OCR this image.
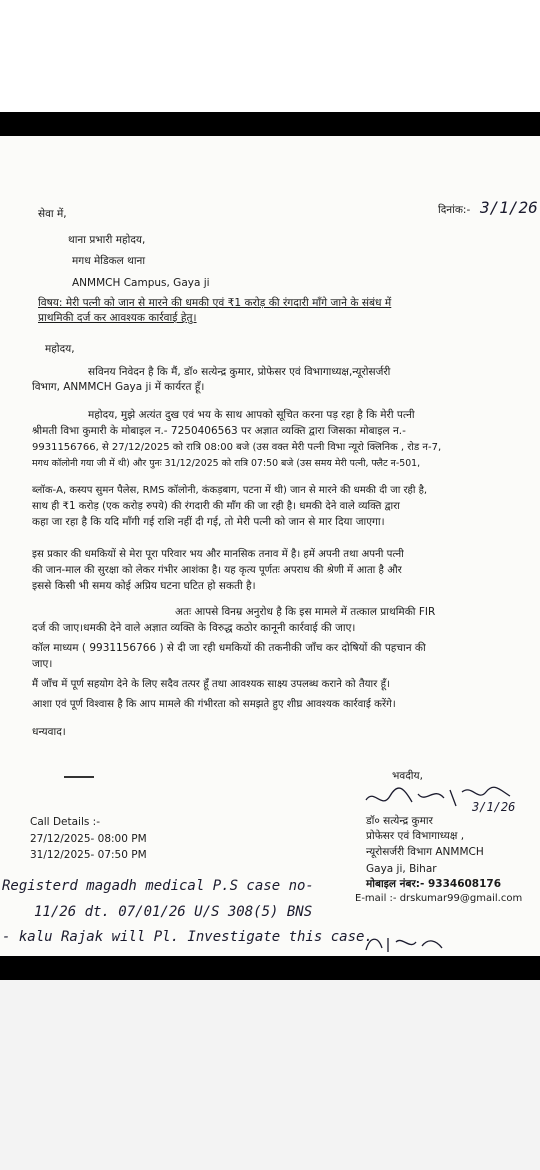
सेवा में,	दिनांक:- 3/1/26
थाना प्रभारी महोदय,
मगध मेडिकल थाना
ANMMCH Campus, Gaya ji
विषय: मेरी पत्नी को जान से मारने की धमकी एवं ₹1 करोड़ की रंगदारी माँगे जाने के संबंध में
प्राथमिकी दर्ज कर आवश्यक कार्रवाई हेतु।
महोदय,
सविनय निवेदन है कि मैं, डॉ० सत्येन्द्र कुमार, प्रोफेसर एवं विभागाध्यक्ष,न्यूरोसर्जरी
विभाग, ANMMCH Gaya ji में कार्यरत हूँ।
महोदय, मुझे अत्यंत दुख एवं भय के साथ आपको सूचित करना पड़ रहा है कि मेरी पत्नी
श्रीमती विभा कुमारी के मोबाइल न.- 7250406563 पर अज्ञात व्यक्ति द्वारा जिसका मोबाइल न.-
9931156766, से 27/12/2025 को रात्रि 08:00 बजे (उस वक्त मेरी पत्नी विभा न्यूरो क्लिनिक , रोड न-7,
मगध कॉलोनी गया जी में थी) और पुनः 31/12/2025 को रात्रि 07:50 बजे (उस समय मेरी पत्नी, फ्लैट न-501,
ब्लॉक-A, कस्यप सुमन पैलेस, RMS कॉलोनी, कंकड़बाग, पटना में थी) जान से मारने की धमकी दी जा रही है,
साथ ही ₹1 करोड़ (एक करोड़ रुपये) की रंगदारी की माँग की जा रही है। धमकी देने वाले व्यक्ति द्वारा
कहा जा रहा है कि यदि माँगी गई राशि नहीं दी गई, तो मेरी पत्नी को जान से मार दिया जाएगा।
इस प्रकार की धमकियों से मेरा पूरा परिवार भय और मानसिक तनाव में है। हमें अपनी तथा अपनी पत्नी
की जान-माल की सुरक्षा को लेकर गंभीर आशंका है। यह कृत्य पूर्णतः अपराध की श्रेणी में आता है और
इससे किसी भी समय कोई अप्रिय घटना घटित हो सकती है।
अतः आपसे विनम्र अनुरोध है कि इस मामले में तत्काल प्राथमिकी FIR
दर्ज की जाए।धमकी देने वाले अज्ञात व्यक्ति के विरुद्ध कठोर कानूनी कार्रवाई की जाए।
कॉल माध्यम ( 9931156766 ) से दी जा रही धमकियों की तकनीकी जाँच कर दोषियों की पहचान की
जाए।
मैं जाँच में पूर्ण सहयोग देने के लिए सदैव तत्पर हूँ तथा आवश्यक साक्ष्य उपलब्ध कराने को तैयार हूँ।
आशा एवं पूर्ण विश्वास है कि आप मामले की गंभीरता को समझते हुए शीघ्र आवश्यक कार्रवाई करेंगे।
धन्यवाद।
भवदीय,
3/1/26
Call Details :-
27/12/2025- 08:00 PM
31/12/2025- 07:50 PM
डॉ० सत्येन्द्र कुमार
प्रोफेसर एवं विभागाध्यक्ष ,
न्यूरोसर्जरी विभाग ANMMCH
Gaya ji, Bihar
मोबाइल नंबर:- 9334608176
E-mail :- drskumar99@gmail.com
Registerd magadh medical P.S case no-
11/26 dt. 07/01/26 U/S 308(5) BNS
- kalu Rajak will Pl. Investigate this case.
